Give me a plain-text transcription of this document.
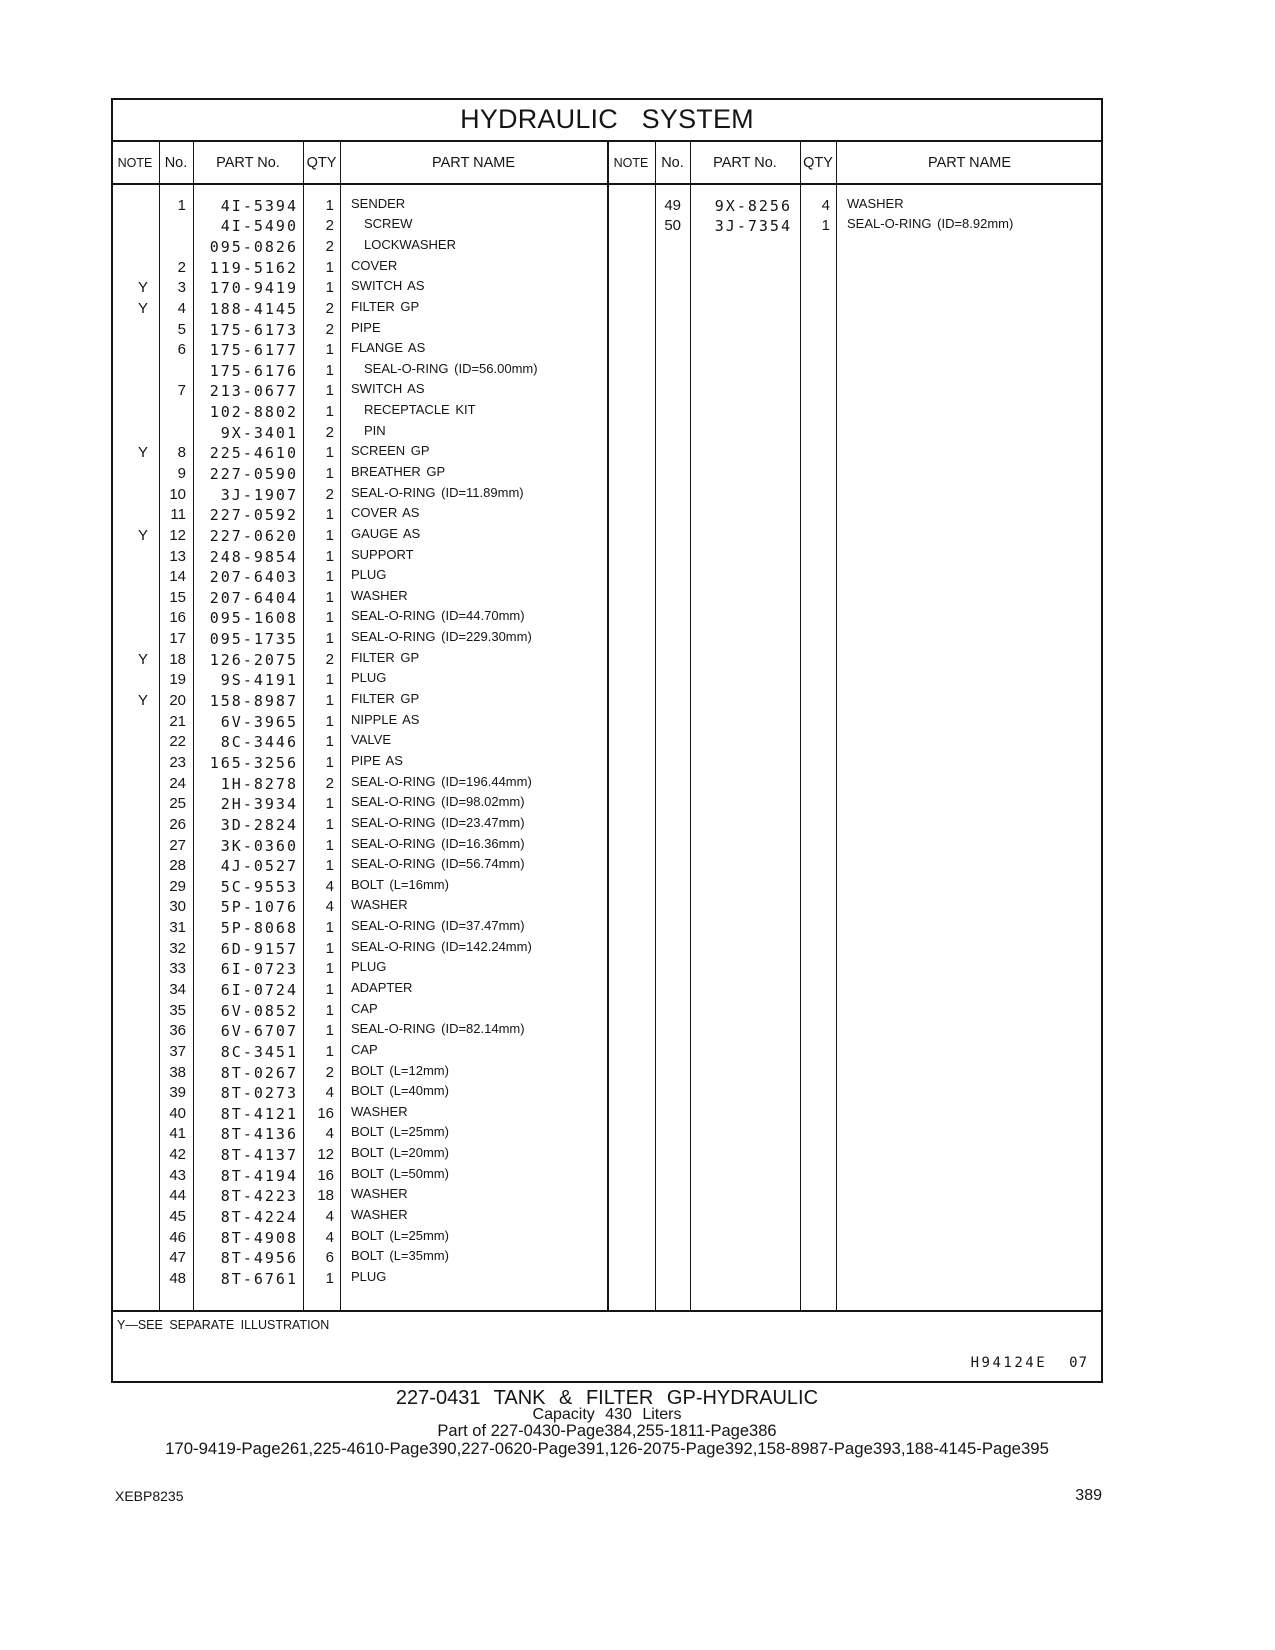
HYDRAULIC SYSTEM
NOTE No.	PART No.	QTY	PART NAME	NOTE No.	PART No.	QTY	PART NAME
1	4I-5394	1	SENDER
4I-5490	2	SCREW
095-0826	2	LOCKWASHER
2	119-5162	1	COVER
Y	3	170-9419	1	SWITCH AS
Y	4	188-4145	2	FILTER GP
5	175-6173	2	PIPE
6	175-6177	1	FLANGE AS
175-6176	1	SEAL-O-RING (ID=56.00mm)
7	213-0677	1	SWITCH AS
102-8802	1	RECEPTACLE KIT
9X-3401	2	PIN
Y	8	225-4610	1	SCREEN GP
9	227-0590	1	BREATHER GP
10	3J-1907	2	SEAL-O-RING (ID=11.89mm)
11	227-0592	1	COVER AS
Y	12	227-0620	1	GAUGE AS
13	248-9854	1	SUPPORT
14	207-6403	1	PLUG
15	207-6404	1	WASHER
16	095-1608	1	SEAL-O-RING (ID=44.70mm)
17	095-1735	1	SEAL-O-RING (ID=229.30mm)
Y	18	126-2075	2	FILTER GP
19	9S-4191	1	PLUG
Y	20	158-8987	1	FILTER GP
21	6V-3965	1	NIPPLE AS
22	8C-3446	1	VALVE
23	165-3256	1	PIPE AS
24	1H-8278	2	SEAL-O-RING (ID=196.44mm)
25	2H-3934	1	SEAL-O-RING (ID=98.02mm)
26	3D-2824	1	SEAL-O-RING (ID=23.47mm)
27	3K-0360	1	SEAL-O-RING (ID=16.36mm)
28	4J-0527	1	SEAL-O-RING (ID=56.74mm)
29	5C-9553	4	BOLT (L=16mm)
30	5P-1076	4	WASHER
31	5P-8068	1	SEAL-O-RING (ID=37.47mm)
32	6D-9157	1	SEAL-O-RING (ID=142.24mm)
33	6I-0723	1	PLUG
34	6I-0724	1	ADAPTER
35	6V-0852	1	CAP
36	6V-6707	1	SEAL-O-RING (ID=82.14mm)
37	8C-3451	1	CAP
38	8T-0267	2	BOLT (L=12mm)
39	8T-0273	4	BOLT (L=40mm)
40	8T-4121	16	WASHER
41	8T-4136	4	BOLT (L=25mm)
42	8T-4137	12	BOLT (L=20mm)
43	8T-4194	16	BOLT (L=50mm)
44	8T-4223	18	WASHER
45	8T-4224	4	WASHER
46	8T-4908	4	BOLT (L=25mm)
47	8T-4956	6	BOLT (L=35mm)
48	8T-6761	1	PLUG
49	9X-8256	4	WASHER
50	3J-7354	1	SEAL-O-RING (ID=8.92mm)
Y—SEE SEPARATE ILLUSTRATION
H94124E 07
227-0431 TANK & FILTER GP-HYDRAULIC
Capacity 430 Liters
Part of 227-0430-Page384,255-1811-Page386
170-9419-Page261,225-4610-Page390,227-0620-Page391,126-2075-Page392,158-8987-Page393,188-4145-Page395
XEBP8235	389
